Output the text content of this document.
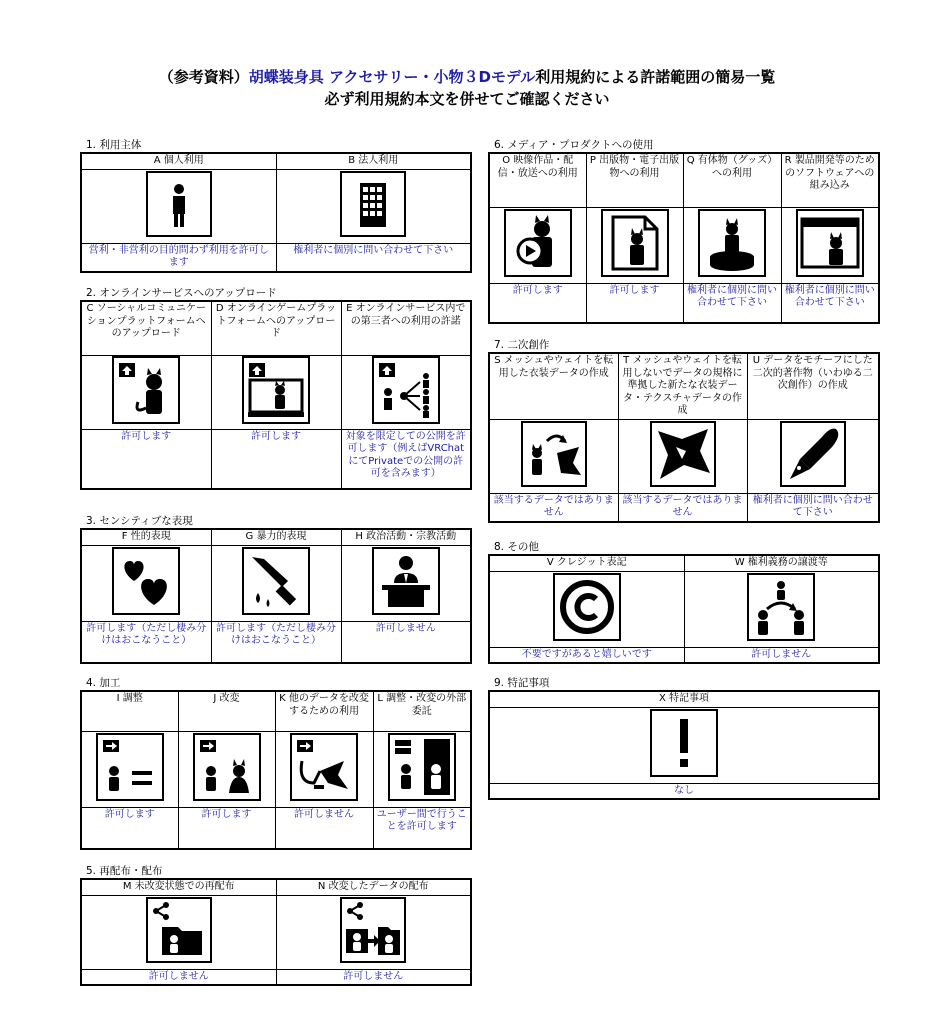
（参考資料）胡蝶装身具 アクセサリー・小物３Dモデル利用規約による許諾範囲の簡易一覧
必ず利用規約本文を併せてご確認ください
1. 利用主体
A 個人利用	B 法人利用

営利・非営利の目的問わず利用を許可します	権利者に個別に問い合わせて下さい
2. オンラインサービスへのアップロード
C ソーシャルコミュニケーションプラットフォームへのアップロード	D オンラインゲームプラットフォームへのアップロード	E オンラインサービス内での第三者への利用の許諾

許可します	許可します	対象を限定しての公開を許可します（例えばVRChatにてPrivateでの公開の許可を含みます）
3. センシティブな表現
F 性的表現	G 暴力的表現	H 政治活動・宗教活動

許可します（ただし棲み分けはおこなうこと）	許可します（ただし棲み分けはおこなうこと）	許可しません
4. 加工
I 調整	J 改変	K 他のデータを改変するための利用	L 調整・改変の外部委託

許可します	許可します	許可しません	ユーザー間で行うことを許可します
5. 再配布・配布
M 未改変状態での再配布	N 改変したデータの配布

許可しません	許可しません
6. メディア・プロダクトへの使用
O 映像作品・配信・放送への利用	P 出版物・電子出版物への利用	Q 有体物（グッズ）への利用	R 製品開発等のためのソフトウェアへの組み込み

許可します	許可します	権利者に個別に問い合わせて下さい	権利者に個別に問い合わせて下さい
7. 二次創作
S メッシュやウェイトを転用した衣装データの作成	T メッシュやウェイトを転用しないでデータの規格に準拠した新たな衣装データ・テクスチャデータの作成	U データをモチーフにした二次的著作物（いわゆる二次創作）の作成

該当するデータではありません	該当するデータではありません	権利者に個別に問い合わせて下さい
8. その他
V クレジット表記	W 権利義務の譲渡等

不要ですがあると嬉しいです	許可しません
9. 特記事項
X 特記事項

なし
